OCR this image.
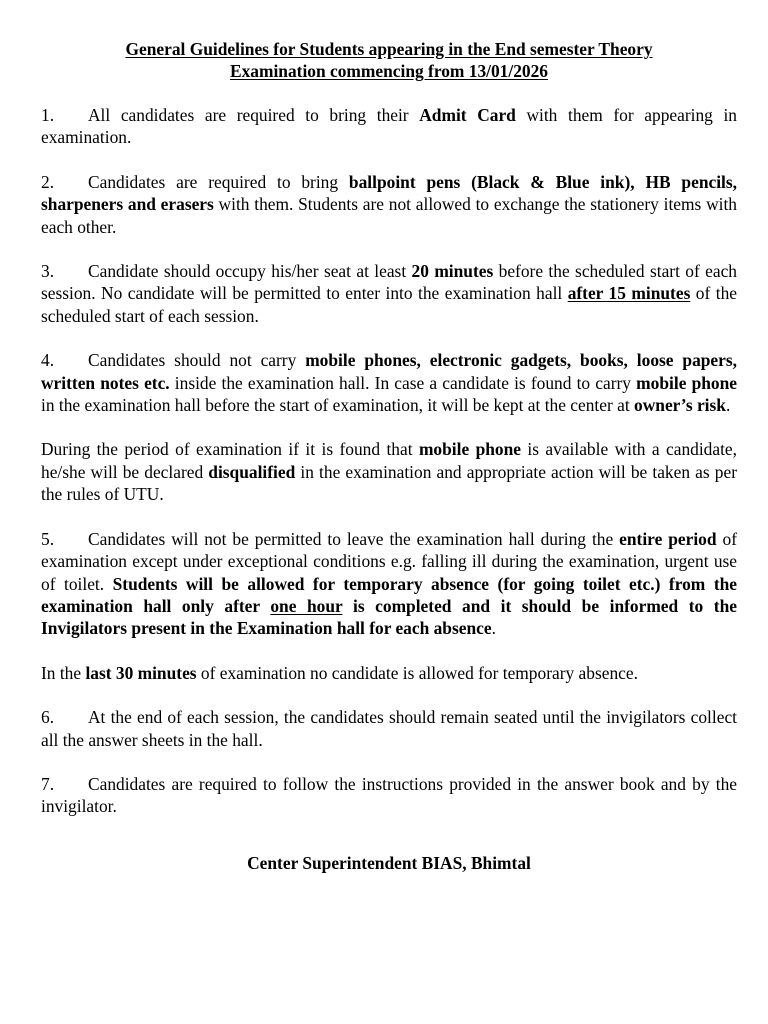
General Guidelines for Students appearing in the End semester Theory
Examination commencing from 13/01/2026

1. All candidates are required to bring their Admit Card with them for appearing in examination.

2. Candidates are required to bring ballpoint pens (Black & Blue ink), HB pencils, sharpeners and erasers with them. Students are not allowed to exchange the stationery items with each other.

3. Candidate should occupy his/her seat at least 20 minutes before the scheduled start of each session. No candidate will be permitted to enter into the examination hall after 15 minutes of the scheduled start of each session.

4. Candidates should not carry mobile phones, electronic gadgets, books, loose papers, written notes etc. inside the examination hall. In case a candidate is found to carry mobile phone in the examination hall before the start of examination, it will be kept at the center at owner’s risk.

During the period of examination if it is found that mobile phone is available with a candidate, he/she will be declared disqualified in the examination and appropriate action will be taken as per the rules of UTU.

5. Candidates will not be permitted to leave the examination hall during the entire period of examination except under exceptional conditions e.g. falling ill during the examination, urgent use of toilet. Students will be allowed for temporary absence (for going toilet etc.) from the examination hall only after one hour is completed and it should be informed to the Invigilators present in the Examination hall for each absence.

In the last 30 minutes of examination no candidate is allowed for temporary absence.

6. At the end of each session, the candidates should remain seated until the invigilators collect all the answer sheets in the hall.

7. Candidates are required to follow the instructions provided in the answer book and by the invigilator.

Center Superintendent BIAS, Bhimtal
